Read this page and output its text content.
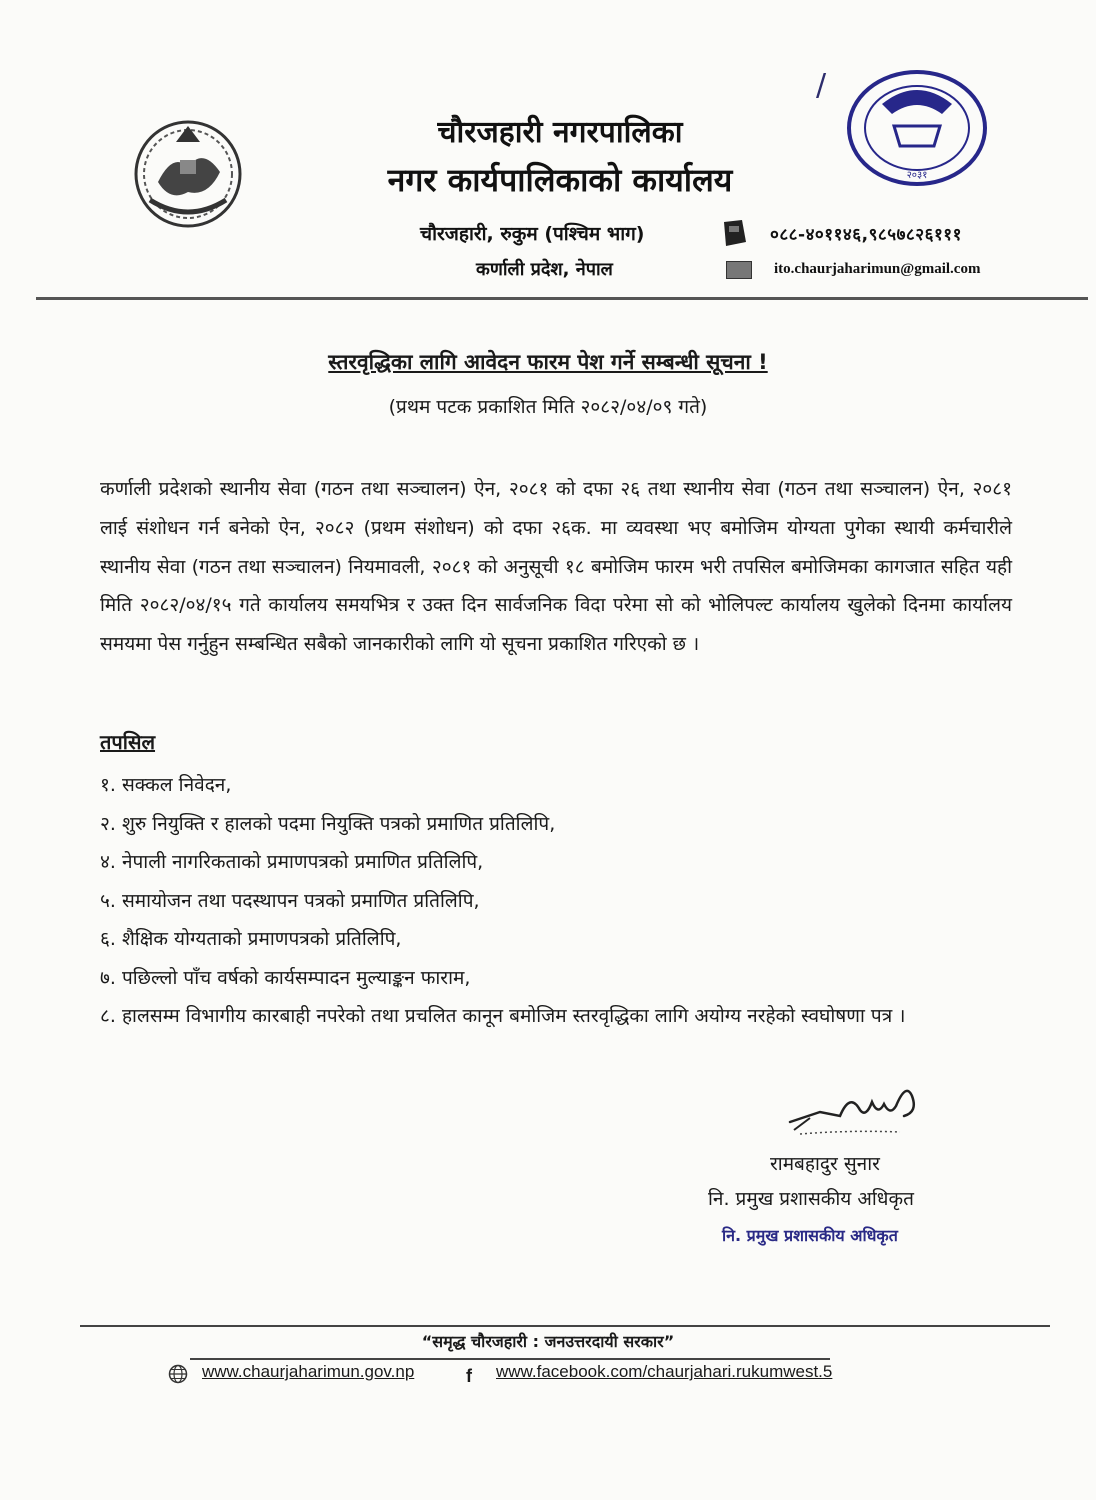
/
२०३१
चौरजहारी नगरपालिका
नगर कार्यपालिकाको कार्यालय
चौरजहारी, रुकुम (पश्चिम भाग)	०८८-४०११४६,९८५७८२६१११
कर्णाली प्रदेश, नेपाल	ito.chaurjaharimun@gmail.com
स्तरवृद्धिका लागि आवेदन फारम पेश गर्ने सम्बन्धी सूचना !
(प्रथम पटक प्रकाशित मिति २०८२/०४/०९ गते)
कर्णाली प्रदेशको स्थानीय सेवा (गठन तथा सञ्चालन) ऐन, २०८१ को दफा २६ तथा स्थानीय सेवा (गठन तथा सञ्चालन) ऐन, २०८१ लाई संशोधन गर्न बनेको ऐन, २०८२ (प्रथम संशोधन) को दफा २६क. मा व्यवस्था भए बमोजिम योग्यता पुगेका स्थायी कर्मचारीले स्थानीय सेवा (गठन तथा सञ्चालन) नियमावली, २०८१ को अनुसूची १८ बमोजिम फारम भरी तपसिल बमोजिमका कागजात सहित यही मिति २०८२/०४/१५ गते कार्यालय समयभित्र र उक्त दिन सार्वजनिक विदा परेमा सो को भोलिपल्ट कार्यालय खुलेको दिनमा कार्यालय समयमा पेस गर्नुहुन सम्बन्धित सबैको जानकारीको लागि यो सूचना प्रकाशित गरिएको छ ।
तपसिल
१. सक्कल निवेदन,
२. शुरु नियुक्ति र हालको पदमा नियुक्ति पत्रको प्रमाणित प्रतिलिपि,
४. नेपाली नागरिकताको प्रमाणपत्रको प्रमाणित प्रतिलिपि,
५. समायोजन तथा पदस्थापन पत्रको प्रमाणित प्रतिलिपि,
६. शैक्षिक योग्यताको प्रमाणपत्रको प्रतिलिपि,
७. पछिल्लो पाँच वर्षको कार्यसम्पादन मुल्याङ्कन फाराम,
८. हालसम्म विभागीय कारबाही नपरेको तथा प्रचलित कानून बमोजिम स्तरवृद्धिका लागि अयोग्य नरहेको स्वघोषणा पत्र ।
रामबहादुर सुनार
नि. प्रमुख प्रशासकीय अधिकृत
नि. प्रमुख प्रशासकीय अधिकृत
“समृद्ध चौरजहारी : जनउत्तरदायी सरकार”
www.chaurjaharimun.gov.np	f www.facebook.com/chaurjahari.rukumwest.5
